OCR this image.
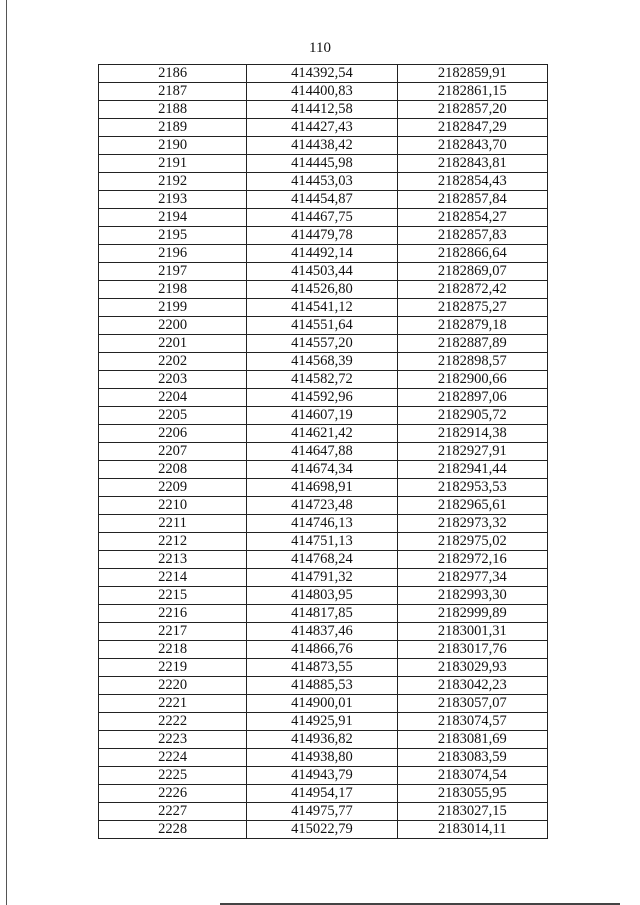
110
2186	414392,54	2182859,91
2187	414400,83	2182861,15
2188	414412,58	2182857,20
2189	414427,43	2182847,29
2190	414438,42	2182843,70
2191	414445,98	2182843,81
2192	414453,03	2182854,43
2193	414454,87	2182857,84
2194	414467,75	2182854,27
2195	414479,78	2182857,83
2196	414492,14	2182866,64
2197	414503,44	2182869,07
2198	414526,80	2182872,42
2199	414541,12	2182875,27
2200	414551,64	2182879,18
2201	414557,20	2182887,89
2202	414568,39	2182898,57
2203	414582,72	2182900,66
2204	414592,96	2182897,06
2205	414607,19	2182905,72
2206	414621,42	2182914,38
2207	414647,88	2182927,91
2208	414674,34	2182941,44
2209	414698,91	2182953,53
2210	414723,48	2182965,61
2211	414746,13	2182973,32
2212	414751,13	2182975,02
2213	414768,24	2182972,16
2214	414791,32	2182977,34
2215	414803,95	2182993,30
2216	414817,85	2182999,89
2217	414837,46	2183001,31
2218	414866,76	2183017,76
2219	414873,55	2183029,93
2220	414885,53	2183042,23
2221	414900,01	2183057,07
2222	414925,91	2183074,57
2223	414936,82	2183081,69
2224	414938,80	2183083,59
2225	414943,79	2183074,54
2226	414954,17	2183055,95
2227	414975,77	2183027,15
2228	415022,79	2183014,11
